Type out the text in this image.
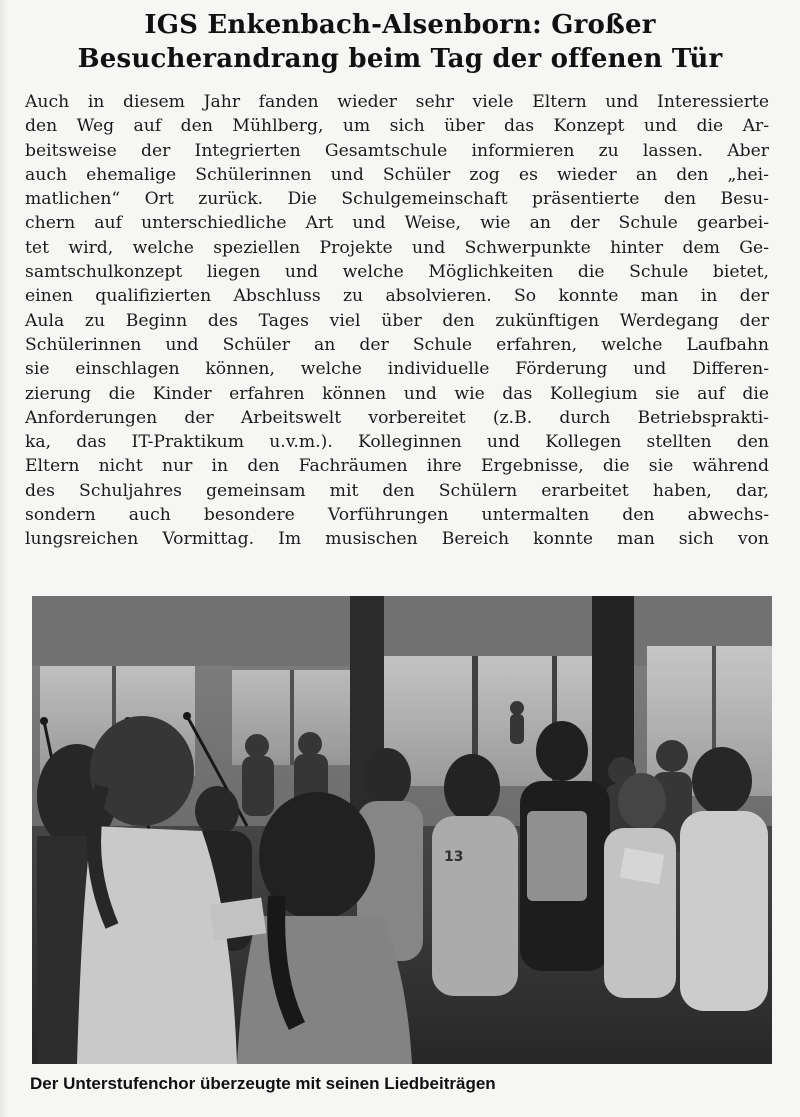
IGS Enkenbach-Alsenborn: Großer
Besucherandrang beim Tag der offenen Tür
Auch in diesem Jahr fanden wieder sehr viele Eltern und Interessierte
den Weg auf den Mühlberg, um sich über das Konzept und die Ar-
beitsweise der Integrierten Gesamtschule informieren zu lassen. Aber
auch ehemalige Schülerinnen und Schüler zog es wieder an den „hei-
matlichen“ Ort zurück. Die Schulgemeinschaft präsentierte den Besu-
chern auf unterschiedliche Art und Weise, wie an der Schule gearbei-
tet wird, welche speziellen Projekte und Schwerpunkte hinter dem Ge-
samtschulkonzept liegen und welche Möglichkeiten die Schule bietet,
einen qualifizierten Abschluss zu absolvieren. So konnte man in der
Aula zu Beginn des Tages viel über den zukünftigen Werdegang der
Schülerinnen und Schüler an der Schule erfahren, welche Laufbahn
sie einschlagen können, welche individuelle Förderung und Differen-
zierung die Kinder erfahren können und wie das Kollegium sie auf die
Anforderungen der Arbeitswelt vorbereitet (z.B. durch Betriebsprakti-
ka, das IT-Praktikum u.v.m.). Kolleginnen und Kollegen stellten den
Eltern nicht nur in den Fachräumen ihre Ergebnisse, die sie während
des Schuljahres gemeinsam mit den Schülern erarbeitet haben, dar,
sondern auch besondere Vorführungen untermalten den abwechs-
lungsreichen Vormittag. Im musischen Bereich konnte man sich von
13
Der Unterstufenchor überzeugte mit seinen Liedbeiträgen
